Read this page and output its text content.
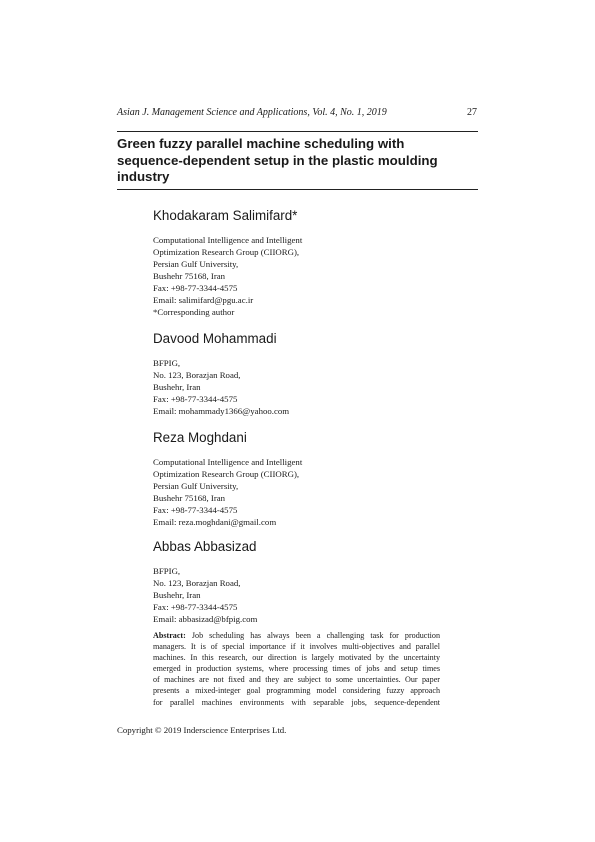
Asian J. Management Science and Applications, Vol. 4, No. 1, 2019	27
Green fuzzy parallel machine scheduling with
sequence-dependent setup in the plastic moulding
industry
Khodakaram Salimifard*
Computational Intelligence and Intelligent
Optimization Research Group (CIIORG),
Persian Gulf University,
Bushehr 75168, Iran
Fax: +98-77-3344-4575
Email: salimifard@pgu.ac.ir
*Corresponding author
Davood Mohammadi
BFPIG,
No. 123, Borazjan Road,
Bushehr, Iran
Fax: +98-77-3344-4575
Email: mohammady1366@yahoo.com
Reza Moghdani
Computational Intelligence and Intelligent
Optimization Research Group (CIIORG),
Persian Gulf University,
Bushehr 75168, Iran
Fax: +98-77-3344-4575
Email: reza.moghdani@gmail.com
Abbas Abbasizad
BFPIG,
No. 123, Borazjan Road,
Bushehr, Iran
Fax: +98-77-3344-4575
Email: abbasizad@bfpig.com
Abstract: Job scheduling has always been a challenging task for production
managers. It is of special importance if it involves multi-objectives and parallel
machines. In this research, our direction is largely motivated by the uncertainty
emerged in production systems, where processing times of jobs and setup times
of machines are not fixed and they are subject to some uncertainties. Our paper
presents a mixed-integer goal programming model considering fuzzy approach
for parallel machines environments with separable jobs, sequence-dependent
Copyright © 2019 Inderscience Enterprises Ltd.
